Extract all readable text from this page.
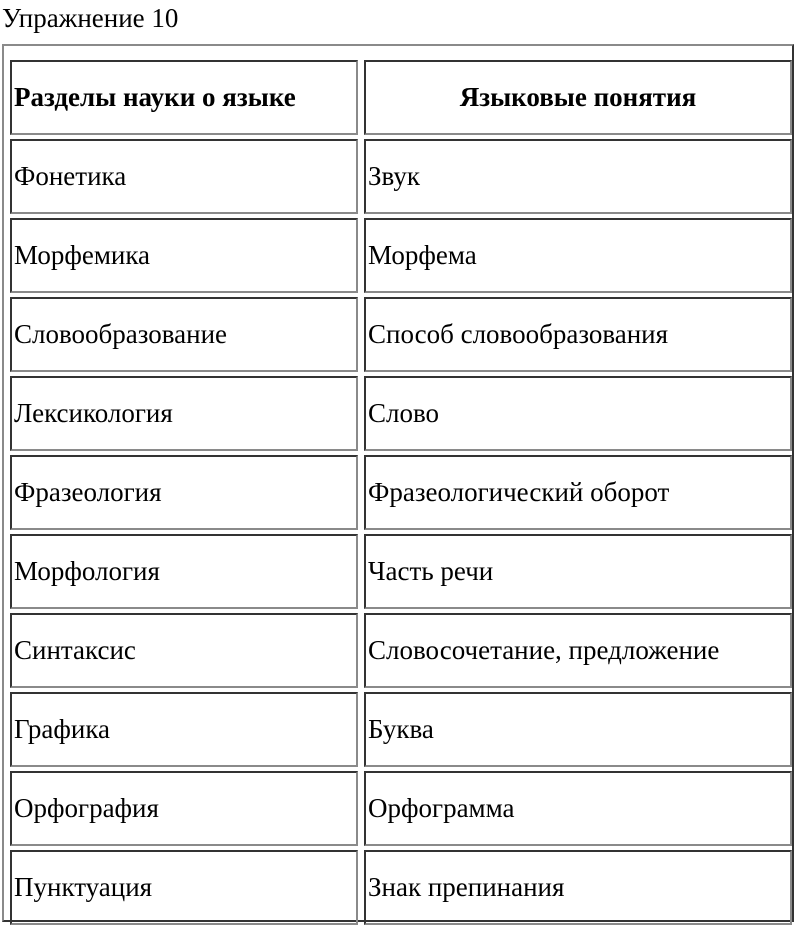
Упражнение 10
Разделы науки о языке	Языковые понятия
Фонетика	Звук
Морфемика	Морфема
Словообразование	Способ словообразования
Лексикология	Слово
Фразеология	Фразеологический оборот
Морфология	Часть речи
Синтаксис	Словосочетание, предложение
Графика	Буква
Орфография	Орфограмма
Пунктуация	Знак препинания
